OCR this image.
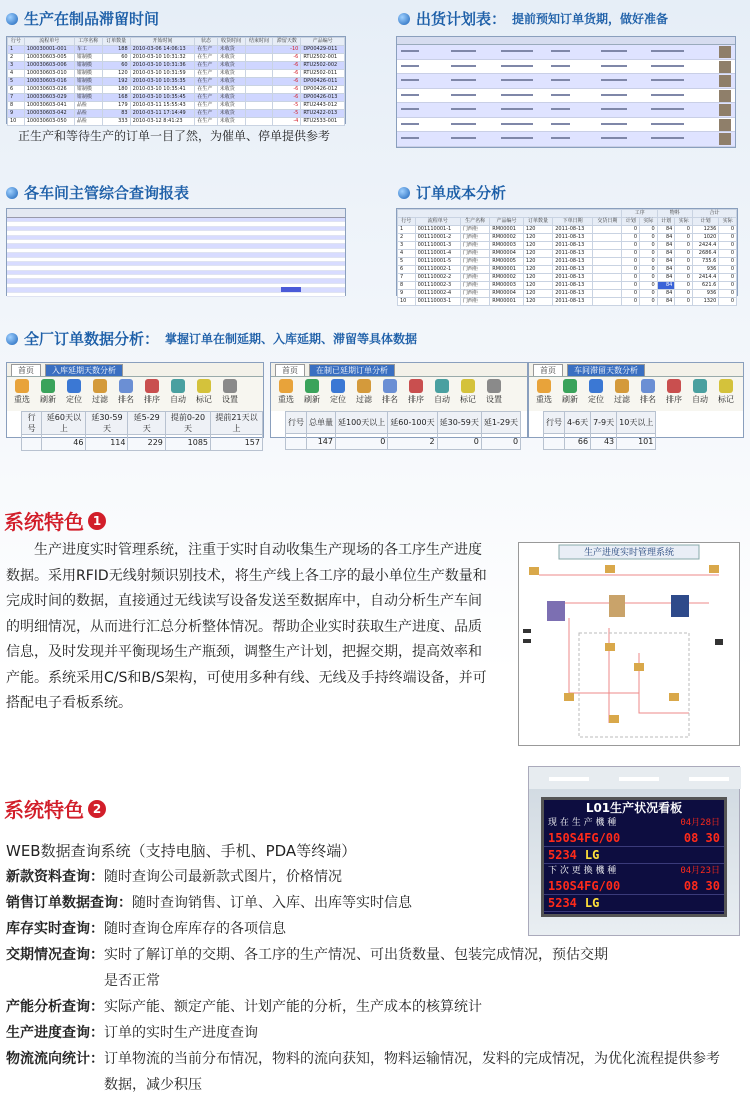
生产在制品滞留时间
行号	流程单号	工序名称	订单数量	开始时间	状态	收货时间	结束时间	滞留天数	产品编号
1	100030001-001	车工	188	2010-03-06 14:06:13	在生产	未收货		-10	DP00429-011
2	100030603-005	钳制模	60	2010-03-10 10:31:32	在生产	未收货		-6	RTU2502-001
3	100030603-006	钳制模	60	2010-03-10 10:31:36	在生产	未收货		-6	RTU2502-002
4	100030603-010	钳制模	120	2010-03-10 10:31:59	在生产	未收货		-6	RTU2502-011
5	100030603-016	钳制模	192	2010-03-10 10:35:35	在生产	未收货		-6	DP00426-011
6	100030603-026	钳制模	180	2010-03-10 10:35:41	在生产	未收货		-6	DP00426-012
7	100030603-029	钳制模	168	2010-03-10 10:35:45	在生产	未收货		-6	DP00426-013
8	100030603-041	品检	179	2010-03-11 15:55:43	在生产	未收货		-5	RTU2443-012
9	100030603-042	品检	83	2010-03-11 17:14:49	在生产	未收货		-5	RTU2422-013
10	100030603-050	品检	333	2010-03-12 8:41:23	在生产	未收货		-4	RTU2533-001
正生产和等待生产的订单一目了然，为催单、停单提供参考
出货计划表： 提前预知订单货期，做好准备
各车间主管综合查询报表	订单成本分析
							工序		物料		合计	
行号	流程单号	生产名称	产品编号	订单数量	下单日期	交货日期	计划	实际	计划	实际	计划	实际
1	001110001-1	门西柜	RM00001	120	2011-08-13		0	0	84	0	1236	0
2	001110001-2	门西柜	RM00002	120	2011-08-13		0	0	84	0	1020	0
3	001110001-3	门西柜	RM00003	120	2011-08-13		0	0	84	0	2424.4	0
4	001110001-4	门西柜	RM00004	120	2011-08-13		0	0	84	0	2686.4	0
5	001110001-5	门西柜	RM00005	120	2011-08-13		0	0	84	0	735.6	0
6	001110002-1	门西柜	RM00001	120	2011-08-13		0	0	84	0	936	0
7	001110002-2	门西柜	RM00002	120	2011-08-13		0	0	84	0	2414.4	0
8	001110002-3	门西柜	RM00003	120	2011-08-13		0	0	84	0	621.6	0
9	001110002-4	门西柜	RM00004	120	2011-08-13		0	0	84	0	936	0
10	001110003-1	门西柜	RM00001	120	2011-08-13		0	0	84	0	1320	0
全厂订单数据分析： 掌握订单在制延期、入库延期、滞留等具体数据
首页	入库延期天数分析
重选 刷新 定位 过滤 排名 排序 自动 标记 设置
行号	延60天以上	延30-59天	延5-29天	提前0-20天	提前21天以上
	46	114	229	1085	157
首页	在制已延期订单分析
重选 刷新 定位 过滤 排名 排序 自动 标记 设置
行号	总单量	延100天以上	延60-100天	延30-59天	延1-29天
	147	0	2	0	0
首页	车间滞留天数分析
重选 刷新 定位 过滤 排名 排序 自动 标记
行号	4-6天	7-9天	10天以上
	66	43	101
系统特色 1
生产进度实时管理系统，注重于实时自动收集生产现场的各工序生产进度数据。采用RFID无线射频识别技术，将生产线上各工序的最小单位生产数量和完成时间的数据，直接通过无线读写设备发送至数据库中，自动分析生产车间的明细情况，从而进行汇总分析整体情况。帮助企业实时获取生产进度、品质信息，及时发现并平衡现场生产瓶颈，调整生产计划，把握交期，提高效率和产能。系统采用C/S和B/S架构，可使用多种有线、无线及手持终端设备，并可搭配电子看板系统。
生产进度实时管理系统
系统特色 2	L01生产状况看板
现 在 生 产 機 種	04月28日
150S4FG/00	08 30
5234 LG
下 次 更 換 機 種	04月23日
150S4FG/00	08 30
5234 LG
WEB数据查询系统（支持电脑、手机、PDA等终端）
新款资料查询： 随时查询公司最新款式图片，价格情况
销售订单数据查询： 随时查询销售、订单、入库、出库等实时信息
库存实时查询： 随时查询仓库库存的各项信息
交期情况查询： 实时了解订单的交期、各工序的生产情况、可出货数量、包装完成情况，预估交期是否正常
产能分析查询： 实际产能、额定产能、计划产能的分析，生产成本的核算统计
生产进度查询： 订单的实时生产进度查询
物流流向统计： 订单物流的当前分布情况，物料的流向获知，物料运输情况，发料的完成情况，为优化流程提供参考数据，减少积压
